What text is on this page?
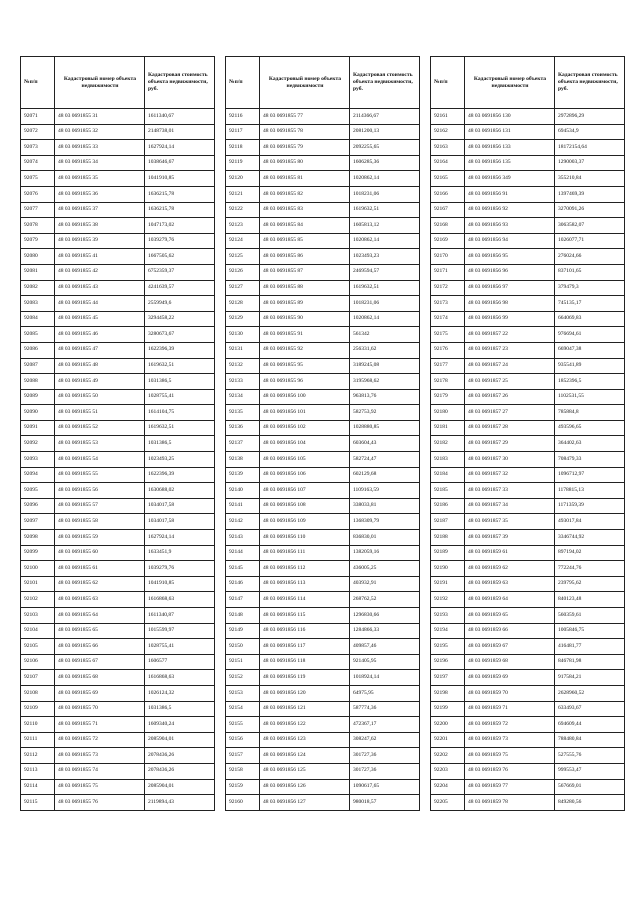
№п/п	Кадастровый номер объекта недвижимости	Кадастровая стоимость объекта недвижимости, руб.
92071	48 03 0691855 31	1611340,67
92072	48 03 0691855 32	2148738,01
92073	48 03 0691855 33	1627924,14
92074	48 03 0691855 34	1038646,67
92075	48 03 0691855 35	1041910,85
92076	48 03 0691855 36	1636215,78
92077	48 03 0691855 37	1636215,78
92078	48 03 0691855 38	1047173,02
92079	48 03 0691855 39	1039279,76
92080	48 03 0691855 41	1667505,62
92081	48 03 0691855 42	6752359,37
92082	48 03 0691855 43	4241639,57
92083	48 03 0691855 44	2559949,6
92084	48 03 0691855 45	3294458,22
92085	48 03 0691855 46	3280673,67
92086	48 03 0691855 47	1622396,39
92087	48 03 0691855 48	1619632,51
92088	48 03 0691855 49	1031386,5
92089	48 03 0691855 50	1028755,41
92090	48 03 0691855 51	1614104,75
92091	48 03 0691855 52	1619632,51
92092	48 03 0691855 53	1031386,5
92093	48 03 0691855 54	1023493,25
92094	48 03 0691855 55	1622396,39
92095	48 03 0691855 56	1630688,02
92096	48 03 0691855 57	1034017,58
92097	48 03 0691855 58	1034017,58
92098	48 03 0691855 59	1627924,14
92099	48 03 0691855 60	1633451,9
92100	48 03 0691855 61	1039279,76
92101	48 03 0691855 62	1041910,85
92102	48 03 0691855 63	1616868,63
92103	48 03 0691855 64	1611340,87
92104	48 03 0691855 65	1015599,97
92105	48 03 0691855 66	1028755,41
92106	48 03 0691855 67	1606577
92107	48 03 0691855 68	1616868,63
92108	48 03 0691855 69	1026124,32
92109	48 03 0691855 70	1031386,5
92110	48 03 0691855 71	1609340,24
92111	48 03 0691855 72	2085904,01
92112	48 03 0691855 73	2078436,26
92113	48 03 0691855 74	2078436,26
92114	48 03 0691855 75	2085904,01
92115	48 03 0691855 76	2119894,43
№п/п	Кадастровый номер объекта недвижимости	Кадастровая стоимость объекта недвижимости, руб.
92116	48 03 0691855 77	2114366,67
92117	48 03 0691855 78	2081200,13
92118	48 03 0691855 79	2092255,65
92119	48 03 0691855 80	1606285,36
92120	48 03 0691855 81	1020862,14
92121	48 03 0691855 82	1018231,06
92122	48 03 0691855 83	1619632,51
92123	48 03 0691855 84	1605813,12
92124	48 03 0691855 85	1020862,14
92125	48 03 0691855 86	1023493,23
92126	48 03 0691855 87	2469594,57
92127	48 03 0691855 88	1619632,51
92128	48 03 0691855 89	1018231,06
92129	48 03 0691855 90	1020862,14
92130	48 03 0691855 91	561342
92131	48 03 0691855 92	256331,62
92132	48 03 0691855 95	3189245,08
92133	48 03 0691855 96	3195968,62
92134	48 03 0691856 100	963813,76
92135	48 03 0691856 101	582753,92
92136	48 03 0691856 102	1028880,85
92137	48 03 0691856 104	603604,43
92138	48 03 0691856 105	582724,47
92139	48 03 0691856 106	602129,68
92140	48 03 0691856 107	1109163,59
92141	48 03 0691856 108	338033,81
92142	48 03 0691856 109	1368309,79
92143	48 03 0691856 110	836830,01
92144	48 03 0691856 111	1382059,16
92145	48 03 0691856 112	436005,25
92146	48 03 0691856 113	403932,91
92147	48 03 0691856 114	268762,52
92148	48 03 0691856 115	1296830,66
92149	48 03 0691856 116	1284866,33
92150	48 03 0691856 117	409857,46
92151	48 03 0691856 118	921405,95
92152	48 03 0691856 119	1018924,14
92153	48 03 0691856 120	64975,95
92154	48 03 0691856 121	587774,36
92155	48 03 0691856 122	472367,17
92156	48 03 0691856 123	308247,62
92157	48 03 0691856 124	301727,36
92158	48 03 0691856 125	301727,36
92159	48 03 0691856 126	1090617,65
92160	48 03 0691856 127	980018,57
№п/п	Кадастровый номер объекта недвижимости	Кадастровая стоимость объекта недвижимости, руб.
92161	48 03 0691856 130	2972896,29
92162	48 03 0691856 131	694534,9
92163	48 03 0691856 133	18172154,64
92164	48 03 0691856 135	1290003,37
92165	48 03 0691856 349	355210,84
92166	48 03 0691856 91	1397469,39
92167	48 03 0691856 92	3270091,26
92168	48 03 0691856 93	3063582,07
92169	48 03 0691856 94	1026077,71
92170	48 03 0691856 95	276024,66
92171	48 03 0691856 96	837101,65
92172	48 03 0691856 97	379479,3
92173	48 03 0691856 98	745135,17
92174	48 03 0691856 99	664069,83
92175	48 03 0691857 22	976694,61
92176	48 03 0691857 23	669047,38
92177	48 03 0691857 24	935541,89
92178	48 03 0691857 25	1852396,5
92179	48 03 0691857 26	1102531,55
92180	48 03 0691857 27	785884,8
92181	48 03 0691857 28	493596,65
92182	48 03 0691857 29	364402,63
92183	48 03 0691857 30	708479,33
92184	48 03 0691857 32	1096712,97
92185	48 03 0691857 33	1178815,13
92186	48 03 0691857 34	1171359,39
92187	48 03 0691857 35	493017,84
92188	48 03 0691857 39	3346744,92
92189	48 03 0691859 61	897194,02
92190	48 03 0691859 62	772244,76
92191	48 03 0691859 63	239795,62
92192	48 03 0691859 64	840123,48
92193	48 03 0691859 65	560359,61
92194	48 03 0691859 66	1005846,75
92195	48 03 0691859 67	416481,77
92196	48 03 0691859 68	846781,98
92197	48 03 0691859 69	917584,21
92198	48 03 0691859 70	2628960,52
92199	48 03 0691859 71	633493,67
92200	48 03 0691859 72	694609,44
92201	48 03 0691859 73	788480,84
92202	48 03 0691859 75	527555,76
92203	48 03 0691859 76	999553,47
92204	48 03 0691859 77	567669,01
92205	48 03 0691859 78	849280,56
